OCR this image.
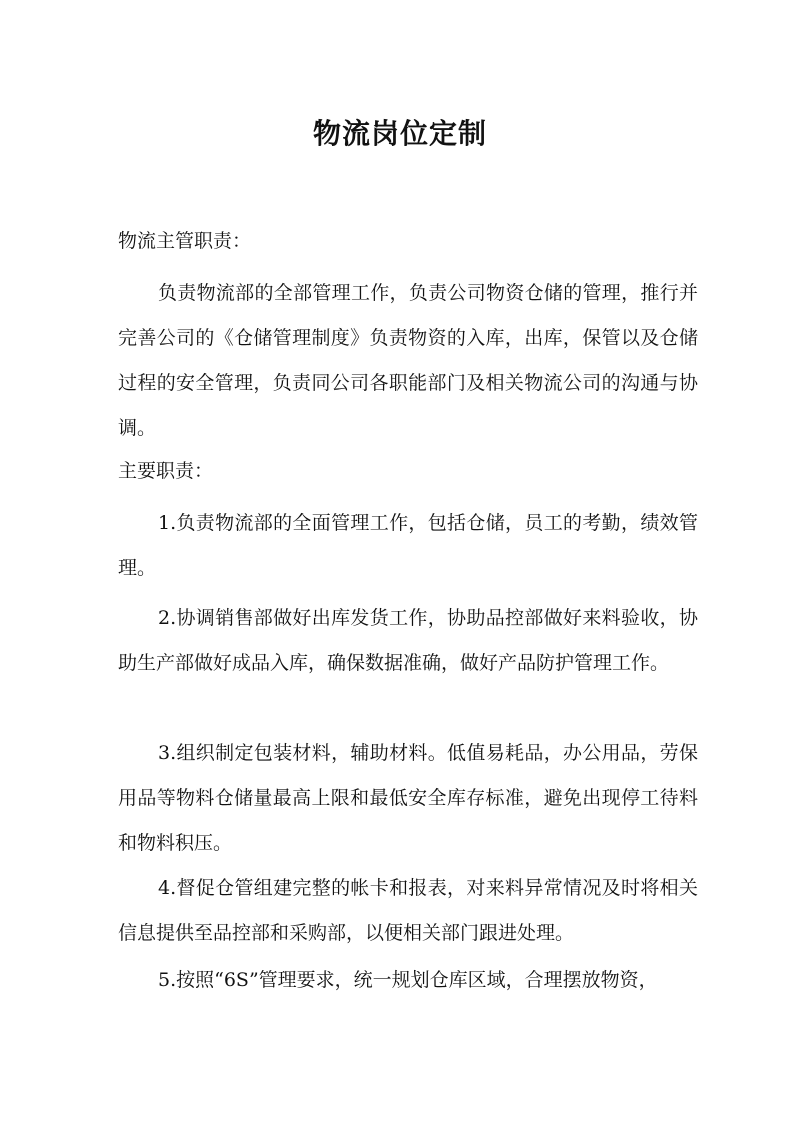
物流岗位定制
物流主管职责：
负责物流部的全部管理工作，负责公司物资仓储的管理，推行并完善公司的《仓储管理制度》负责物资的入库，出库，保管以及仓储过程的安全管理，负责同公司各职能部门及相关物流公司的沟通与协调。
主要职责：
1.负责物流部的全面管理工作，包括仓储，员工的考勤，绩效管理。
2.协调销售部做好出库发货工作，协助品控部做好来料验收，协助生产部做好成品入库，确保数据准确，做好产品防护管理工作。
3.组织制定包装材料，辅助材料。低值易耗品，办公用品，劳保用品等物料仓储量最高上限和最低安全库存标准，避免出现停工待料和物料积压。
4.督促仓管组建完整的帐卡和报表，对来料异常情况及时将相关信息提供至品控部和采购部，以便相关部门跟进处理。
5.按照“6S”管理要求，统一规划仓库区域，合理摆放物资，
